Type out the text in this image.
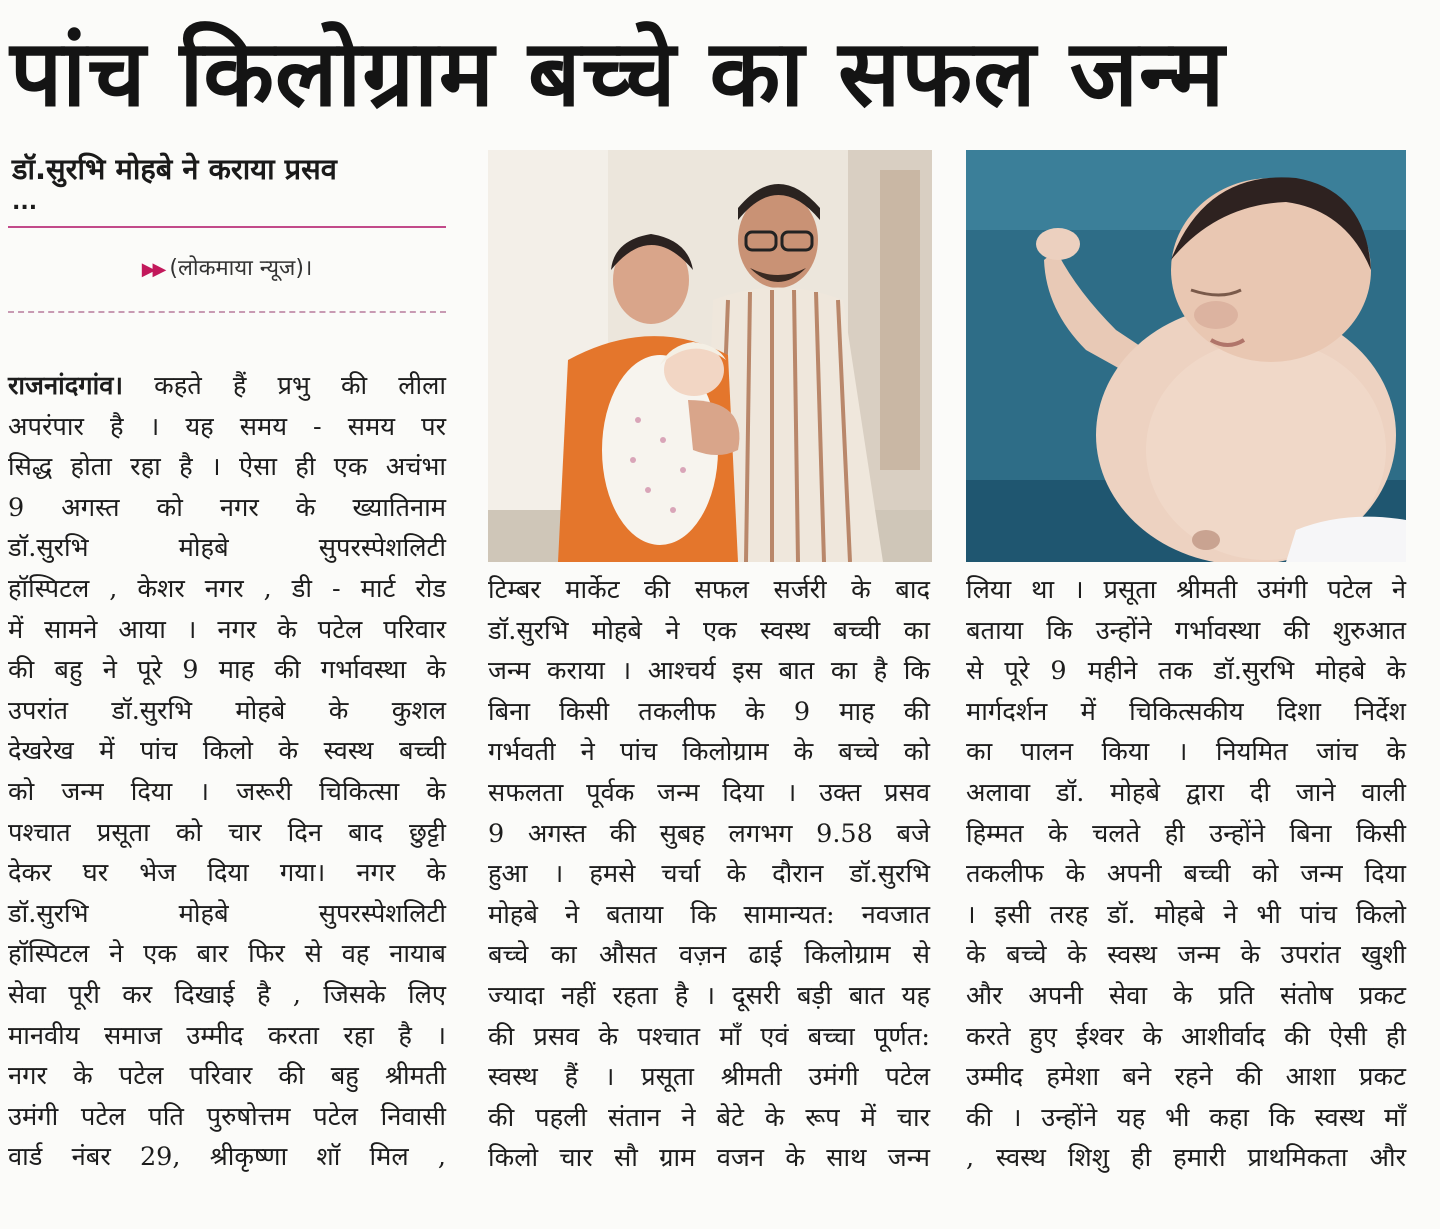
पांच किलोग्राम बच्चे का सफल जन्म
डॉ.सुरभि मोहबे ने कराया प्रसव
...
▶▶ (लोकमाया न्यूज)।

राजनांदगांव। कहते हैं प्रभु की लीला

अपरंपार है । यह समय - समय पर

सिद्ध होता रहा है । ऐसा ही एक अचंभा

9 अगस्त को नगर के ख्यातिनाम

डॉ.सुरभि मोहबे सुपरस्पेशलिटी

हॉस्पिटल , केशर नगर , डी - मार्ट रोड

में सामने आया । नगर के पटेल परिवार

की बहु ने पूरे 9 माह की गर्भावस्था के

उपरांत डॉ.सुरभि मोहबे के कुशल

देखरेख में पांच किलो के स्वस्थ बच्ची

को जन्म दिया । जरूरी चिकित्सा के

पश्चात प्रसूता को चार दिन बाद छुट्टी

देकर घर भेज दिया गया। नगर के

डॉ.सुरभि मोहबे सुपरस्पेशलिटी

हॉस्पिटल ने एक बार फिर से वह नायाब

सेवा पूरी कर दिखाई है , जिसके लिए

मानवीय समाज उम्मीद करता रहा है ।

नगर के पटेल परिवार की बहु श्रीमती

उमंगी पटेल पति पुरुषोत्तम पटेल निवासी

वार्ड नंबर 29, श्रीकृष्णा शॉ मिल ,

टिम्बर मार्केट की सफल सर्जरी के बाद

डॉ.सुरभि मोहबे ने एक स्वस्थ बच्ची का

जन्म कराया । आश्चर्य इस बात का है कि

बिना किसी तकलीफ के 9 माह की

गर्भवती ने पांच किलोग्राम के बच्चे को

सफलता पूर्वक जन्म दिया । उक्त प्रसव

9 अगस्त की सुबह लगभग 9.58 बजे

हुआ । हमसे चर्चा के दौरान डॉ.सुरभि

मोहबे ने बताया कि सामान्यत: नवजात

बच्चे का औसत वज़न ढाई किलोग्राम से

ज्यादा नहीं रहता है । दूसरी बड़ी बात यह

की प्रसव के पश्चात माँ एवं बच्चा पूर्णत:

स्वस्थ हैं । प्रसूता श्रीमती उमंगी पटेल

की पहली संतान ने बेटे के रूप में चार

किलो चार सौ ग्राम वजन के साथ जन्म

लिया था । प्रसूता श्रीमती उमंगी पटेल ने

बताया कि उन्होंने गर्भावस्था की शुरुआत

से पूरे 9 महीने तक डॉ.सुरभि मोहबे के

मार्गदर्शन में चिकित्सकीय दिशा निर्देश

का पालन किया । नियमित जांच के

अलावा डॉ. मोहबे द्वारा दी जाने वाली

हिम्मत के चलते ही उन्होंने बिना किसी

तकलीफ के अपनी बच्ची को जन्म दिया

। इसी तरह डॉ. मोहबे ने भी पांच किलो

के बच्चे के स्वस्थ जन्म के उपरांत खुशी

और अपनी सेवा के प्रति संतोष प्रकट

करते हुए ईश्वर के आशीर्वाद की ऐसी ही

उम्मीद हमेशा बने रहने की आशा प्रकट

की । उन्होंने यह भी कहा कि स्वस्थ माँ

, स्वस्थ शिशु ही हमारी प्राथमिकता और
